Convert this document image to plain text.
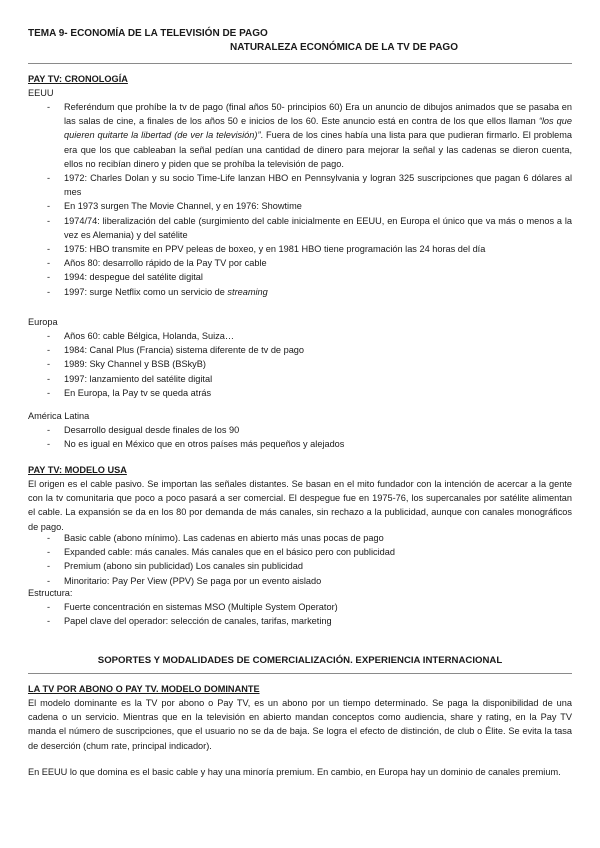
TEMA 9- ECONOMÍA DE LA TELEVISIÓN DE PAGO
NATURALEZA ECONÓMICA DE LA TV DE PAGO
PAY TV: CRONOLOGÍA
EEUU
- Referéndum que prohíbe la tv de pago (final años 50- principios 60) Era un anuncio de dibujos animados que se pasaba en las salas de cine, a finales de los años 50 e inicios de los 60. Este anuncio está en contra de los que ellos llaman “los que quieren quitarte la libertad (de ver la televisión)”. Fuera de los cines había una lista para que pudieran firmarlo. El problema era que los que cableaban la señal pedían una cantidad de dinero para mejorar la señal y las cadenas se dieron cuenta, ellos no recibían dinero y piden que se prohíba la televisión de pago.
- 1972: Charles Dolan y su socio Time-Life lanzan HBO en Pennsylvania y logran 325 suscripciones que pagan 6 dólares al mes
- En 1973 surgen The Movie Channel, y en 1976: Showtime
- 1974/74: liberalización del cable (surgimiento del cable inicialmente en EEUU, en Europa el único que va más o menos a la vez es Alemania) y del satélite
- 1975: HBO transmite en PPV peleas de boxeo, y en 1981 HBO tiene programación las 24 horas del día
- Años 80: desarrollo rápido de la Pay TV por cable
- 1994: despegue del satélite digital
- 1997: surge Netflix como un servicio de streaming
Europa
- Años 60: cable Bélgica, Holanda, Suiza…
- 1984: Canal Plus (Francia) sistema diferente de tv de pago
- 1989: Sky Channel y BSB (BSkyB)
- 1997: lanzamiento del satélite digital
- En Europa, la Pay tv se queda atrás
América Latina
- Desarrollo desigual desde finales de los 90
- No es igual en México que en otros países más pequeños y alejados
PAY TV: MODELO USA
El origen es el cable pasivo. Se importan las señales distantes. Se basan en el mito fundador con la intención de acercar a la gente con la tv comunitaria que poco a poco pasará a ser comercial. El despegue fue en 1975-76, los supercanales por satélite alimentan el cable. La expansión se da en los 80 por demanda de más canales, sin rechazo a la publicidad, aunque con canales monográficos de pago.
- Basic cable (abono mínimo). Las cadenas en abierto más unas pocas de pago
- Expanded cable: más canales. Más canales que en el básico pero con publicidad
- Premium (abono sin publicidad) Los canales sin publicidad
- Minoritario: Pay Per View (PPV) Se paga por un evento aislado
Estructura:
- Fuerte concentración en sistemas MSO (Multiple System Operator)
- Papel clave del operador: selección de canales, tarifas, marketing
SOPORTES Y MODALIDADES DE COMERCIALIZACIÓN. EXPERIENCIA INTERNACIONAL
LA TV POR ABONO O PAY TV. MODELO DOMINANTE
El modelo dominante es la TV por abono o Pay TV, es un abono por un tiempo determinado. Se paga la disponibilidad de una cadena o un servicio. Mientras que en la televisión en abierto mandan conceptos como audiencia, share y rating, en la Pay TV manda el número de suscripciones, que el usuario no se da de baja. Se logra el efecto de distinción, de club o Élite. Se evita la tasa de deserción (chum rate, principal indicador).
En EEUU lo que domina es el basic cable y hay una minoría premium. En cambio, en Europa hay un dominio de canales premium.
